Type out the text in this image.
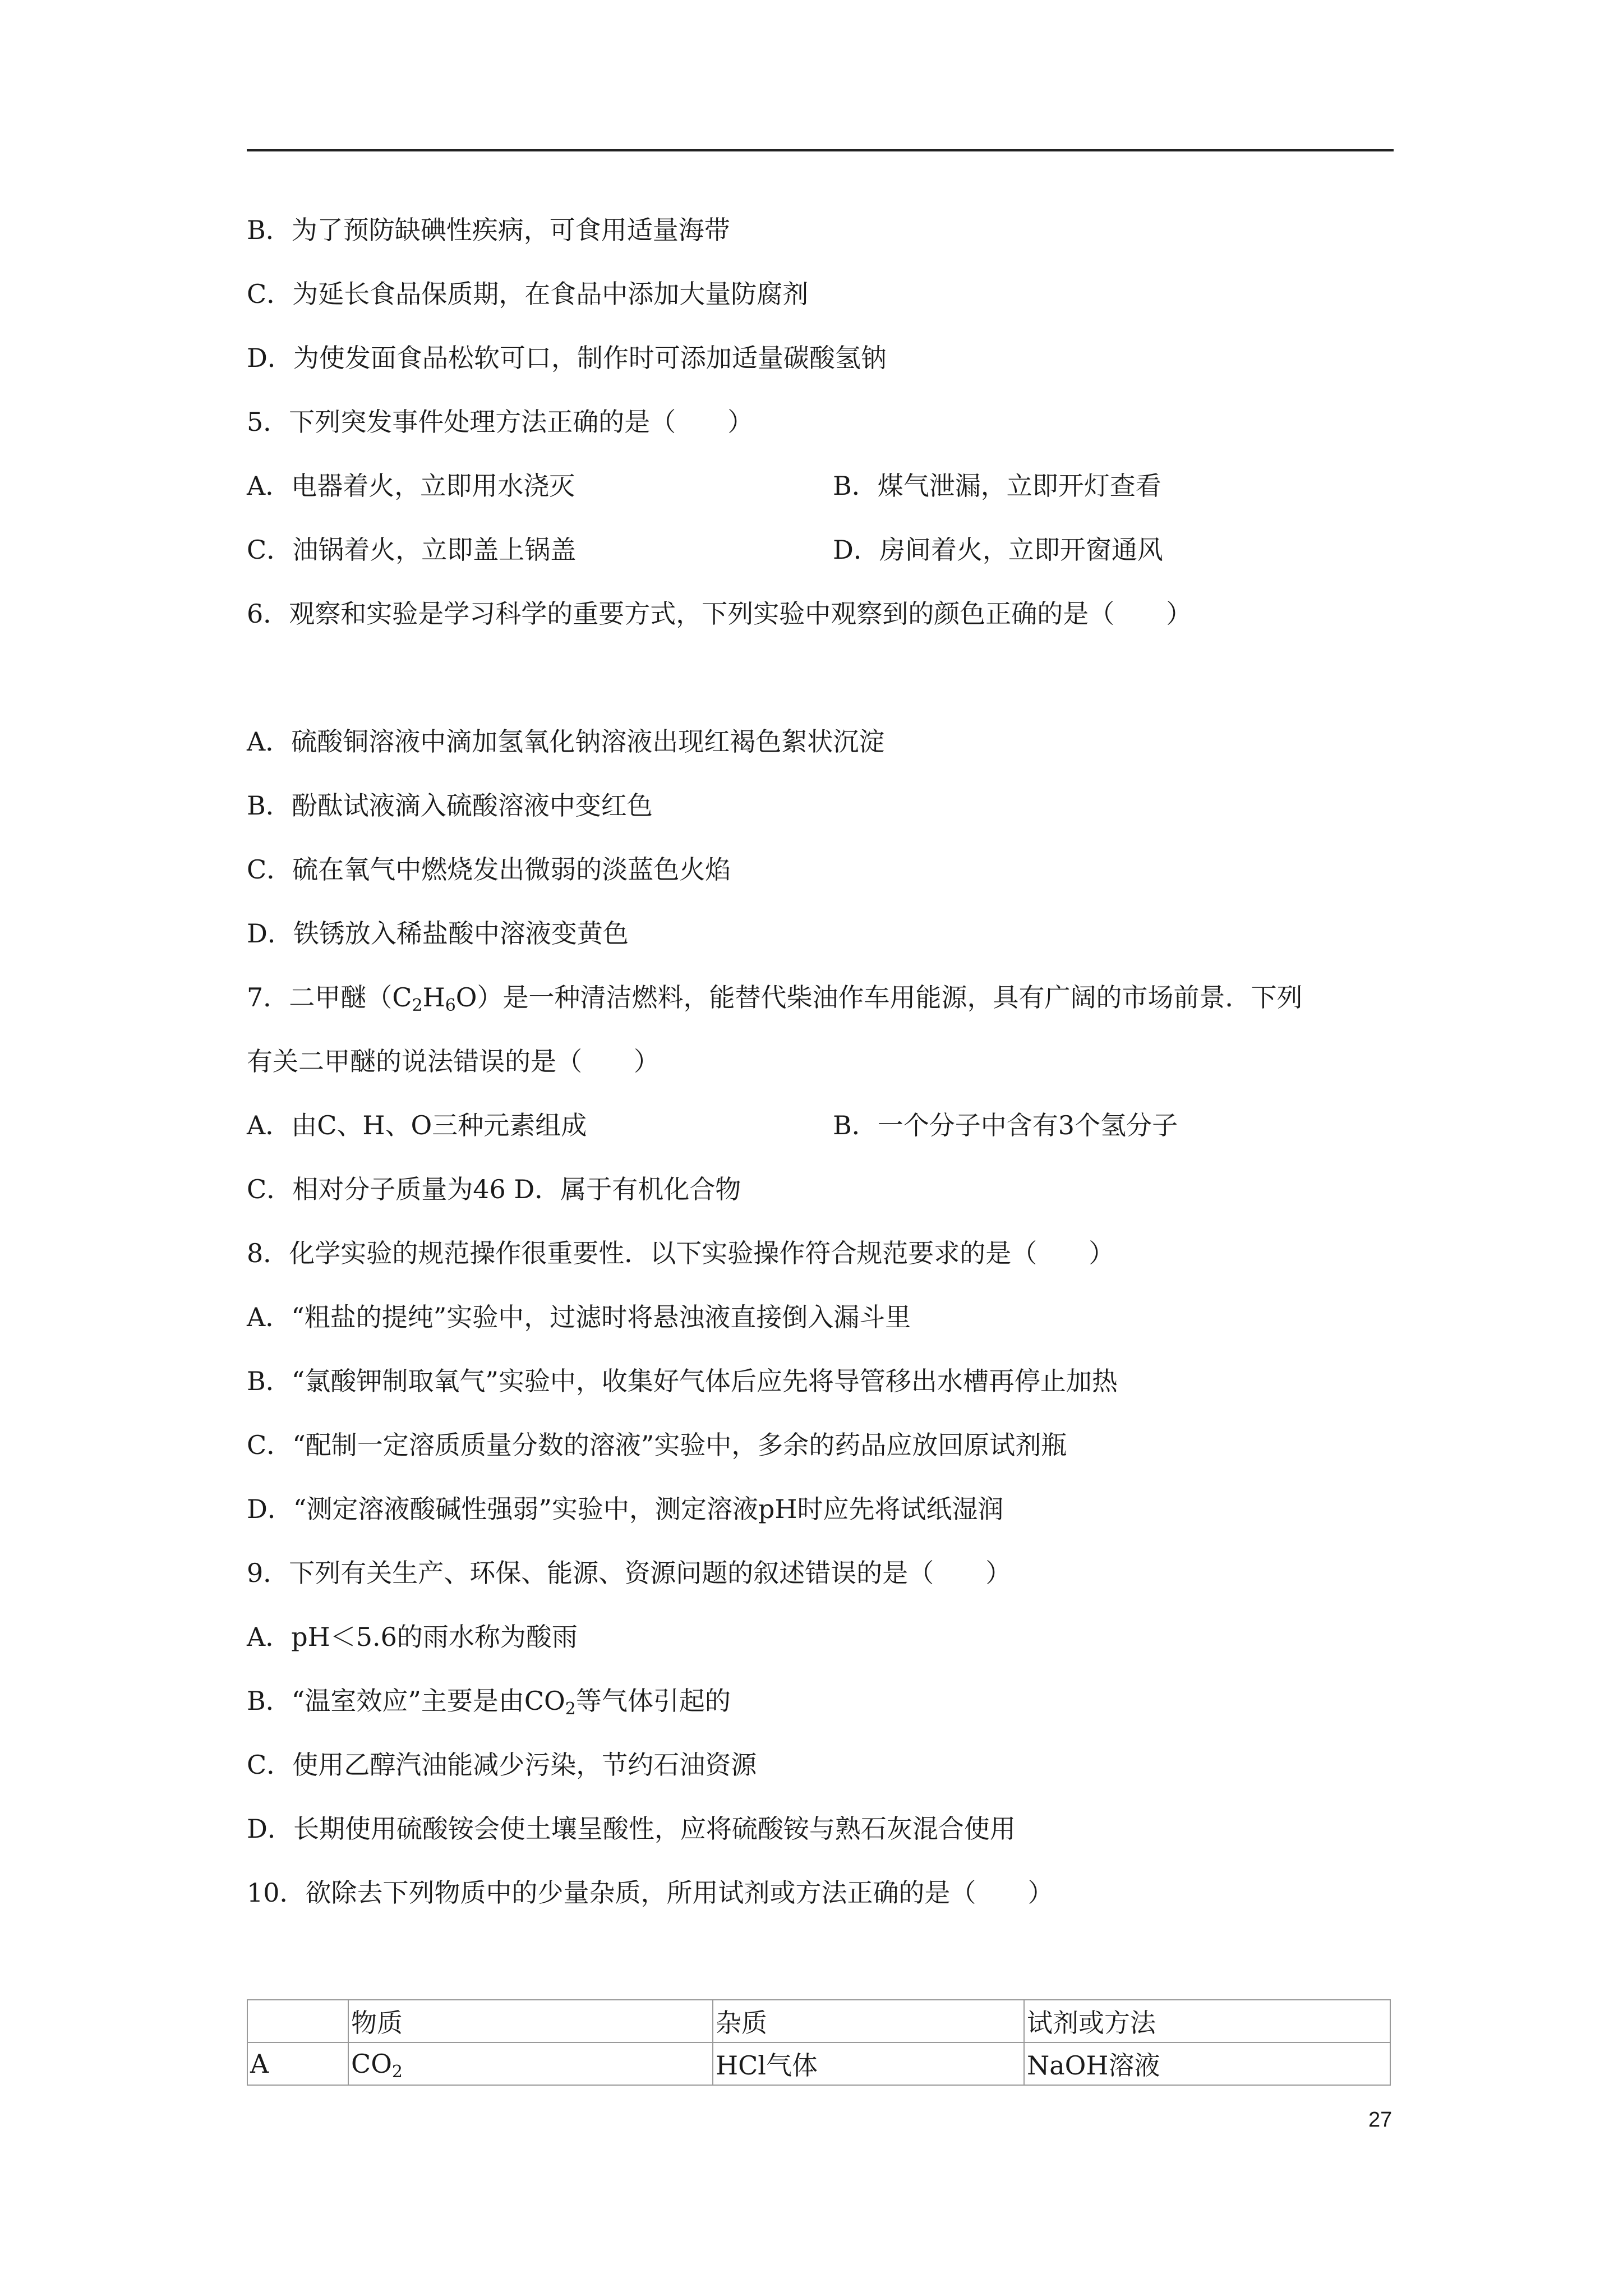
B．为了预防缺碘性疾病，可食用适量海带
C．为延长食品保质期，在食品中添加大量防腐剂
D．为使发面食品松软可口，制作时可添加适量碳酸氢钠
5．下列突发事件处理方法正确的是（　　）
A．电器着火，立即用水浇灭	B．煤气泄漏，立即开灯查看
C．油锅着火，立即盖上锅盖	D．房间着火，立即开窗通风
6．观察和实验是学习科学的重要方式，下列实验中观察到的颜色正确的是（　　）
A．硫酸铜溶液中滴加氢氧化钠溶液出现红褐色絮状沉淀
B．酚酞试液滴入硫酸溶液中变红色
C．硫在氧气中燃烧发出微弱的淡蓝色火焰
D．铁锈放入稀盐酸中溶液变黄色
7．二甲醚$(C_2H_6O)$是一种清洁燃料，能替代柴油作车用能源，具有广阔的市场前景．下列
有关二甲醚的说法错误的是（　　）
A．由C、H、O三种元素组成	B．一个分子中含有3个氢分子
C．相对分子质量为46 D．属于有机化合物
8．化学实验的规范操作很重要性．以下实验操作符合规范要求的是（　　）
A．“粗盐的提纯”实验中，过滤时将悬浊液直接倒入漏斗里
B．“氯酸钾制取氧气”实验中，收集好气体后应先将导管移出水槽再停止加热
C．“配制一定溶质质量分数的溶液”实验中，多余的药品应放回原试剂瓶
D．“测定溶液酸碱性强弱”实验中，测定溶液pH时应先将试纸湿润
9．下列有关生产、环保、能源、资源问题的叙述错误的是（　　）
A．pH＜5.6的雨水称为酸雨
B．“温室效应”主要是由$CO_2$等气体引起的
C．使用乙醇汽油能减少污染，节约石油资源
D．长期使用硫酸铵会使土壤呈酸性，应将硫酸铵与熟石灰混合使用
10．欲除去下列物质中的少量杂质，所用试剂或方法正确的是（　　）
	物质	杂质	试剂或方法
A	$CO_2$	HCl气体	NaOH溶液
27
